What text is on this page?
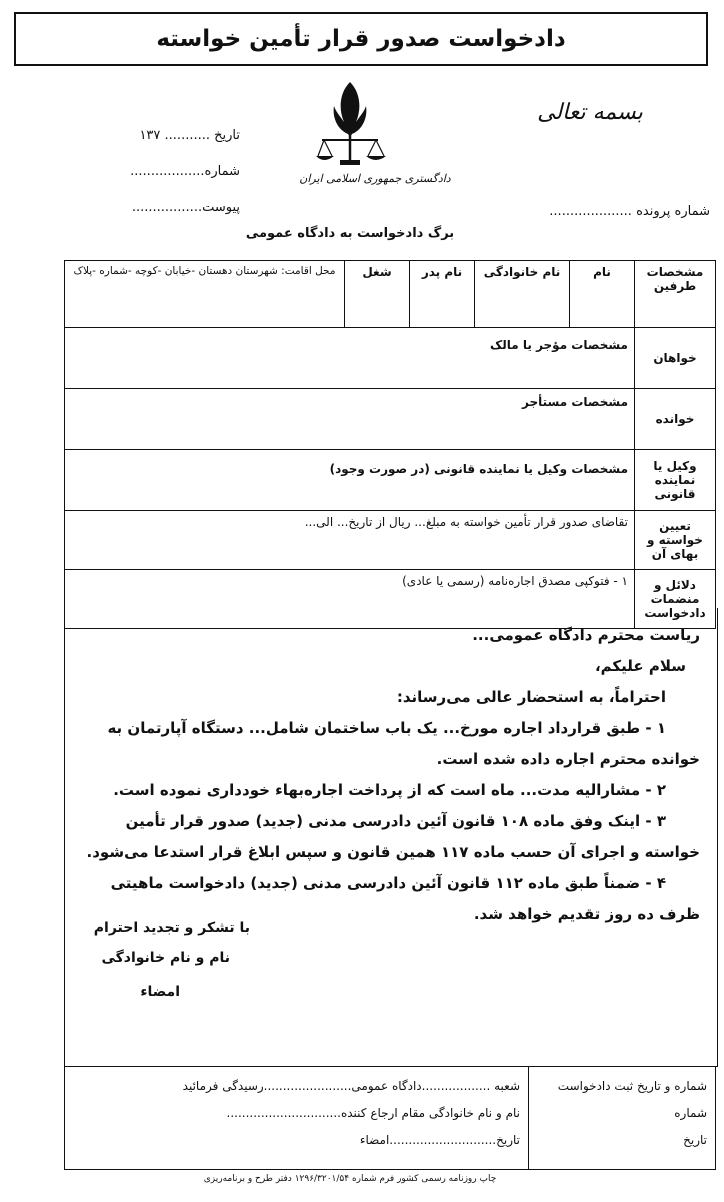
دادخواست صدور قرار تأمین خواسته
دادگستری جمهوری اسلامی ایران
بسمه تعالی
تاریخ ........... ۱۳۷
شماره..................
پیوست.................	شماره پرونده ....................
برگ دادخواست به دادگاه عمومی
مشخصات طرفین	نام	نام خانوادگی	نام پدر	شغل	محل اقامت: شهرستان دهستان -خیابان -کوچه -شماره -پلاک
خواهان	مشخصات مؤجر یا مالک				
خوانده	مشخصات مستأجر				
وکیل یا نماینده قانونی	مشخصات وکیل یا نماینده قانونی (در صورت وجود)				
تعیین خواسته و بهای آن	تقاضای صدور قرار تأمین خواسته به مبلغ... ریال از تاریخ... الی...				
دلائل و منضمات دادخواست	۱ - فتوکپی مصدق اجاره‌نامه (رسمی یا عادی)				
ریاست محترم دادگاه عمومی...
سلام علیکم،
احتراماً، به استحضار عالی می‌رساند:
۱ - طبق قرارداد اجاره مورخ... یک باب ساختمان شامل... دستگاه آپارتمان به
خوانده محترم اجاره داده شده است.
۲ - مشارالیه مدت... ماه است که از پرداخت اجاره‌بهاء خودداری نموده است.
۳ - اینک وفق ماده ۱۰۸ قانون آئین دادرسی مدنی (جدید) صدور قرار تأمین
خواسته و اجرای آن حسب ماده ۱۱۷ همین قانون و سپس ابلاغ قرار استدعا می‌شود.
۴ - ضمناً طبق ماده ۱۱۲ قانون آئین دادرسی مدنی (جدید) دادخواست ماهیتی
ظرف ده روز تقدیم خواهد شد.
با تشکر و تجدید احترام
نام و نام خانوادگی
امضاء
شماره و تاریخ ثبت دادخواست
شماره
تاریخ

شعبه ..................دادگاه عمومی.......................رسیدگی فرمائید
نام و نام خانوادگی مقام ارجاع کننده..............................
تاریخ............................امضاء
چاپ روزنامه رسمی کشور فرم شماره ۱۲۹۶/۳۲۰۱/۵۴ دفتر طرح و برنامه‌ریزی
